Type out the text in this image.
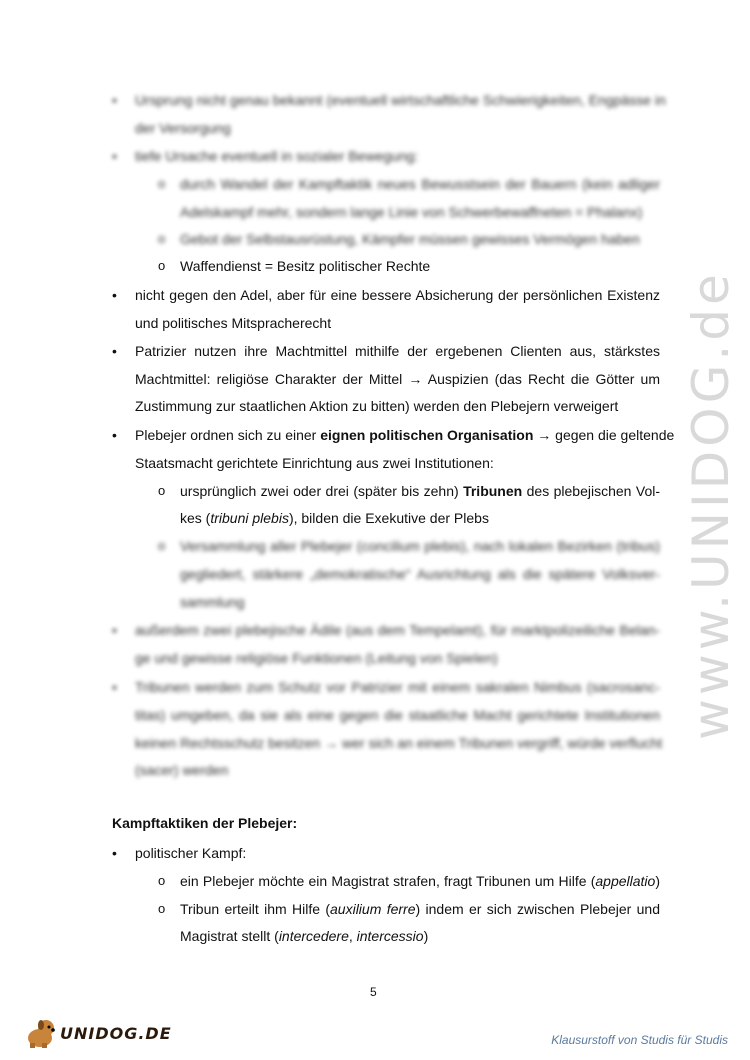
www.UNIDOG.de
• Ursprung nicht genau bekannt (eventuell wirtschaftliche Schwierigkeiten, Engpässe in
der Versorgung
• tiefe Ursache eventuell in sozialer Bewegung:
o durch Wandel der Kampftaktik neues Bewusstsein der Bauern (kein adliger
Adelskampf mehr, sondern lange Linie von Schwerbewaffneten = Phalanx)
o Gebot der Selbstausrüstung, Kämpfer müssen gewisses Vermögen haben
o Waffendienst = Besitz politischer Rechte
• nicht gegen den Adel, aber für eine bessere Absicherung der persönlichen Existenz
und politisches Mitspracherecht
• Patrizier nutzen ihre Machtmittel mithilfe der ergebenen Clienten aus, stärkstes
Machtmittel: religiöse Charakter der Mittel → Auspizien (das Recht die Götter um
Zustimmung zur staatlichen Aktion zu bitten) werden den Plebejern verweigert
• Plebejer ordnen sich zu einer eignen politischen Organisation → gegen die geltende
Staatsmacht gerichtete Einrichtung aus zwei Institutionen:
o ursprünglich zwei oder drei (später bis zehn) Tribunen des plebejischen Vol-
kes (tribuni plebis), bilden die Exekutive der Plebs
o Versammlung aller Plebejer (concilium plebis), nach lokalen Bezirken (tribus)
gegliedert, stärkere „demokratische“ Ausrichtung als die spätere Volksver-
sammlung
• außerdem zwei plebejische Ädile (aus dem Tempelamt), für marktpolizeiliche Belan-
ge und gewisse religiöse Funktionen (Leitung von Spielen)
• Tribunen werden zum Schutz vor Patrizier mit einem sakralen Nimbus (sacrosanc-
titas) umgeben, da sie als eine gegen die staatliche Macht gerichtete Institutionen
keinen Rechtsschutz besitzen → wer sich an einem Tribunen vergriff, würde verflucht
(sacer) werden
Kampftaktiken der Plebejer:
• politischer Kampf:
o ein Plebejer möchte ein Magistrat strafen, fragt Tribunen um Hilfe (appellatio)
o Tribun erteilt ihm Hilfe (auxilium ferre) indem er sich zwischen Plebejer und
Magistrat stellt (intercedere, intercessio)
5
UNIDOG.DE	Klausurstoff von Studis für Studis
